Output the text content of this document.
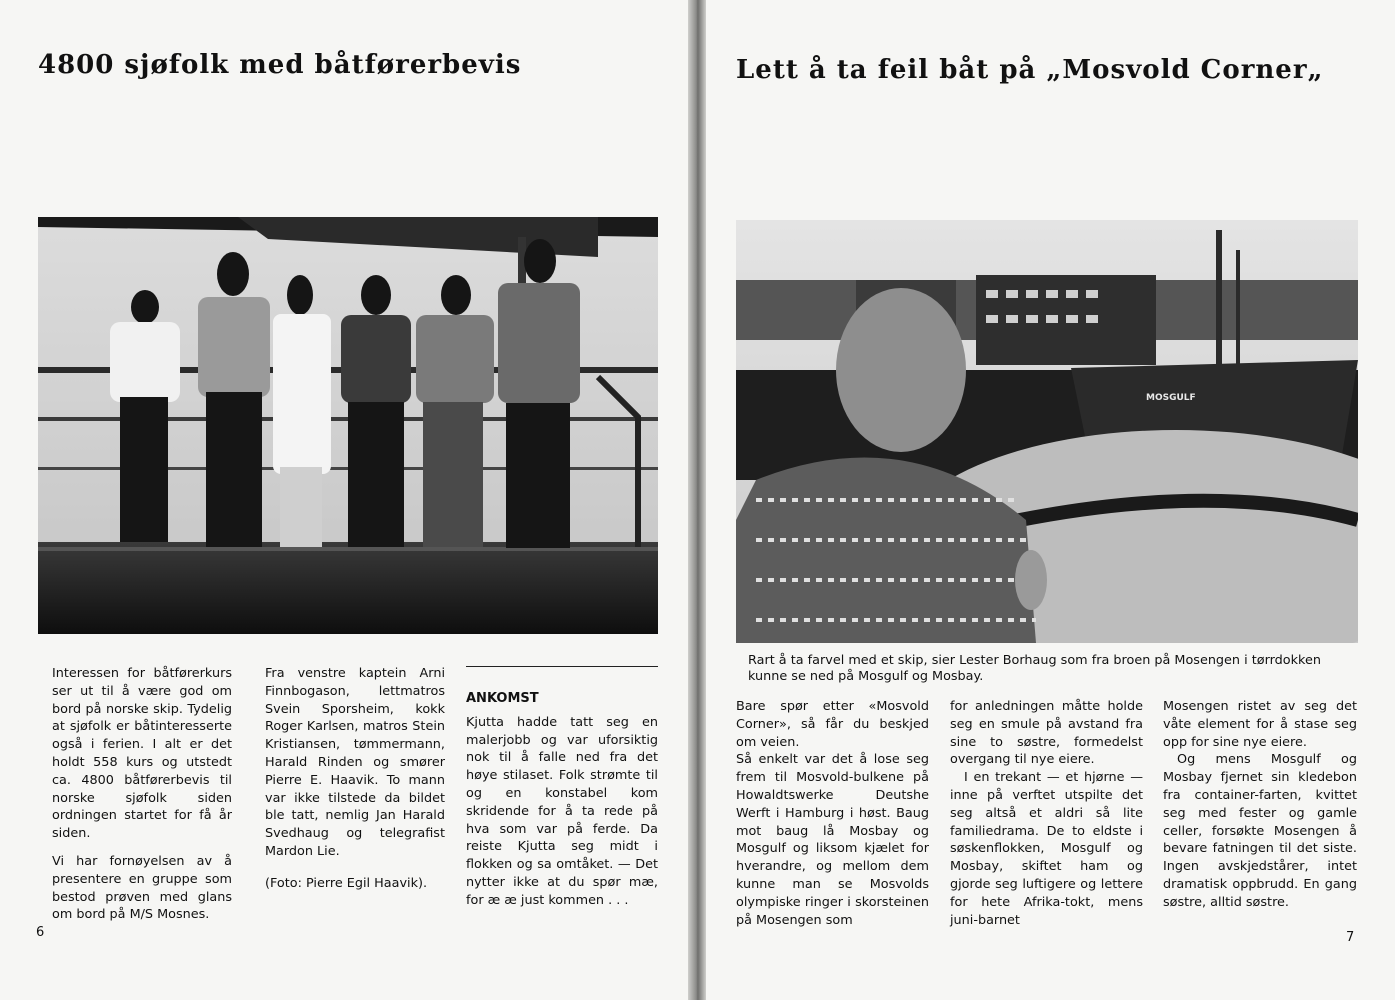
4800 sjøfolk med båtførerbevis

Interessen for båtførerkurs ser ut til å være god om bord på norske skip. Tydelig at sjøfolk er båtinteresserte også i ferien. I alt er det holdt 558 kurs og utstedt ca. 4800 båtførerbevis til norske sjøfolk siden ordningen startet for få år siden.

Vi har fornøyelsen av å presentere en gruppe som bestod prøven med glans om bord på M/S Mosnes.

Fra venstre kaptein Arni Finnbogason, lettmatros Svein Sporsheim, kokk Roger Karlsen, matros Stein Kristiansen, tømmermann, Harald Rinden og smører Pierre E. Haavik. To mann var ikke tilstede da bildet ble tatt, nemlig Jan Harald Svedhaug og telegrafist Mardon Lie.

(Foto: Pierre Egil Haavik).

ANKOMST

Kjutta hadde tatt seg en malerjobb og var uforsiktig nok til å falle ned fra det høye stilaset. Folk strømte til og en konstabel kom skridende for å ta rede på hva som var på ferde. Da reiste Kjutta seg midt i flokken og sa omtåket. — Det nytter ikke at du spør mæ, for æ æ just kommen . . .

6
Lett å ta feil båt på „Mosvold Corner„
MOSGULF
Rart å ta farvel med et skip, sier Lester Borhaug som fra broen på Mosengen i tørrdokken kunne se ned på Mosgulf og Mosbay.

Bare spør etter «Mosvold Corner», så får du beskjed om veien.

Så enkelt var det å lose seg frem til Mosvold-bulkene på Howaldtswerke Deutshe Werft i Hamburg i høst. Baug mot baug lå Mosbay og Mosgulf og liksom kjælet for hverandre, og mellom dem kunne man se Mosvolds olympiske ringer i skorsteinen på Mosengen som

for anledningen måtte holde seg en smule på avstand fra sine to søstre, formedelst overgang til nye eiere.

I en trekant — et hjørne — inne på verftet utspilte det seg altså et aldri så lite familiedrama. De to eldste i søskenflokken, Mosgulf og Mosbay, skiftet ham og gjorde seg luftigere og lettere for hete Afrika-tokt, mens juni-barnet

Mosengen ristet av seg det våte element for å stase seg opp for sine nye eiere.

Og mens Mosgulf og Mosbay fjernet sin kledebon fra container-farten, kvittet seg med fester og gamle celler, forsøkte Mosengen å bevare fatningen til det siste. Ingen avskjedstårer, intet dramatisk oppbrudd. En gang søstre, alltid søstre.

7
